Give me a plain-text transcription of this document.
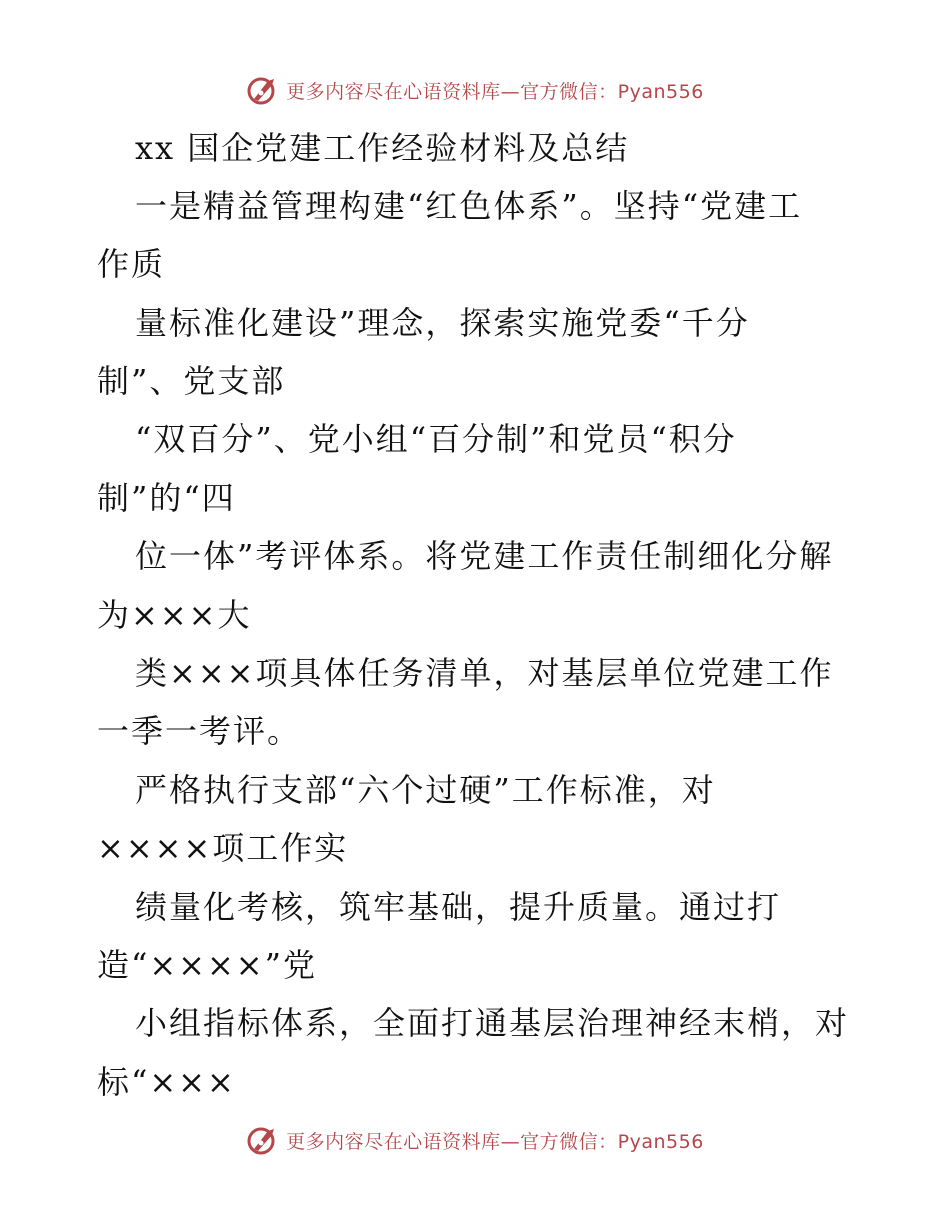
更多内容尽在心语资料库—官方微信：Pyan556
xx 国企党建工作经验材料及总结
一是精益管理构建“红色体系”。坚持“党建工
作质
量标准化建设”理念，探索实施党委“千分
制”、党支部
“双百分”、党小组“百分制”和党员“积分
制”的“四
位一体”考评体系。将党建工作责任制细化分解
为×××大
类×××项具体任务清单，对基层单位党建工作
一季一考评。
严格执行支部“六个过硬”工作标准，对
××××项工作实
绩量化考核，筑牢基础，提升质量。通过打
造“××××”党
小组指标体系，全面打通基层治理神经末梢，对
标“×××
更多内容尽在心语资料库—官方微信：Pyan556
